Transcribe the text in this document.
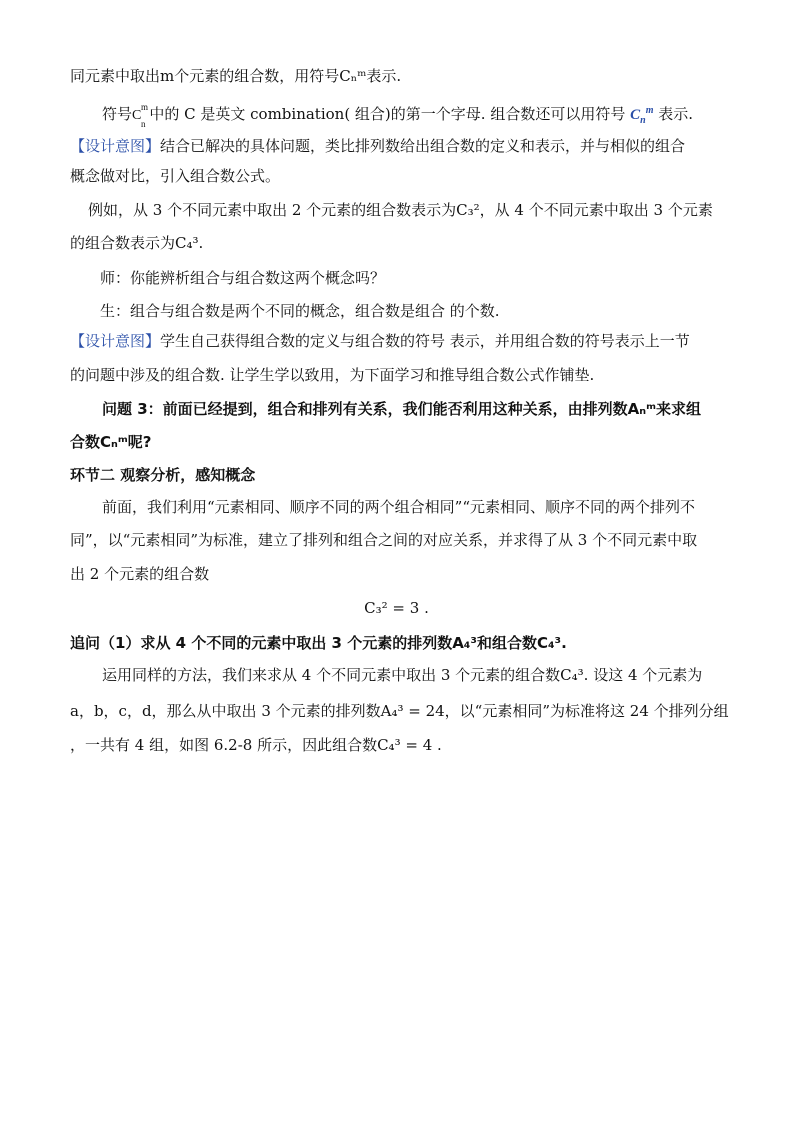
同元素中取出m个元素的组合数，用符号Cₙᵐ表示.
符号C
m
n
中的 C 是英文 combination( 组合)的第一个字母. 组合数还可以用符号 $C_n^m$ 表示.
【设计意图】结合已解决的具体问题，类比排列数给出组合数的定义和表示，并与相似的组合
概念做对比，引入组合数公式。
例如，从 3 个不同元素中取出 2 个元素的组合数表示为C₃²，从 4 个不同元素中取出 3 个元素
的组合数表示为C₄³.
师：你能辨析组合与组合数这两个概念吗？
生：组合与组合数是两个不同的概念，组合数是组合 的个数.
【设计意图】学生自己获得组合数的定义与组合数的符号 表示，并用组合数的符号表示上一节
的问题中涉及的组合数. 让学生学以致用，为下面学习和推导组合数公式作铺垫.
问题 3：前面已经提到，组合和排列有关系，我们能否利用这种关系，由排列数Aₙᵐ来求组
合数Cₙᵐ呢?
环节二 观察分析，感知概念
前面，我们利用“元素相同、顺序不同的两个组合相同”“元素相同、顺序不同的两个排列不
同”，以“元素相同”为标准，建立了排列和组合之间的对应关系，并求得了从 3 个不同元素中取
出 2 个元素的组合数
C₃² = 3 .
追问（1）求从 4 个不同的元素中取出 3 个元素的排列数A₄³和组合数C₄³.
运用同样的方法，我们来求从 4 个不同元素中取出 3 个元素的组合数C₄³. 设这 4 个元素为
a，b，c，d，那么从中取出 3 个元素的排列数A₄³ = 24，以“元素相同”为标准将这 24 个排列分组
，一共有 4 组，如图 6.2-8 所示，因此组合数C₄³ = 4 .
